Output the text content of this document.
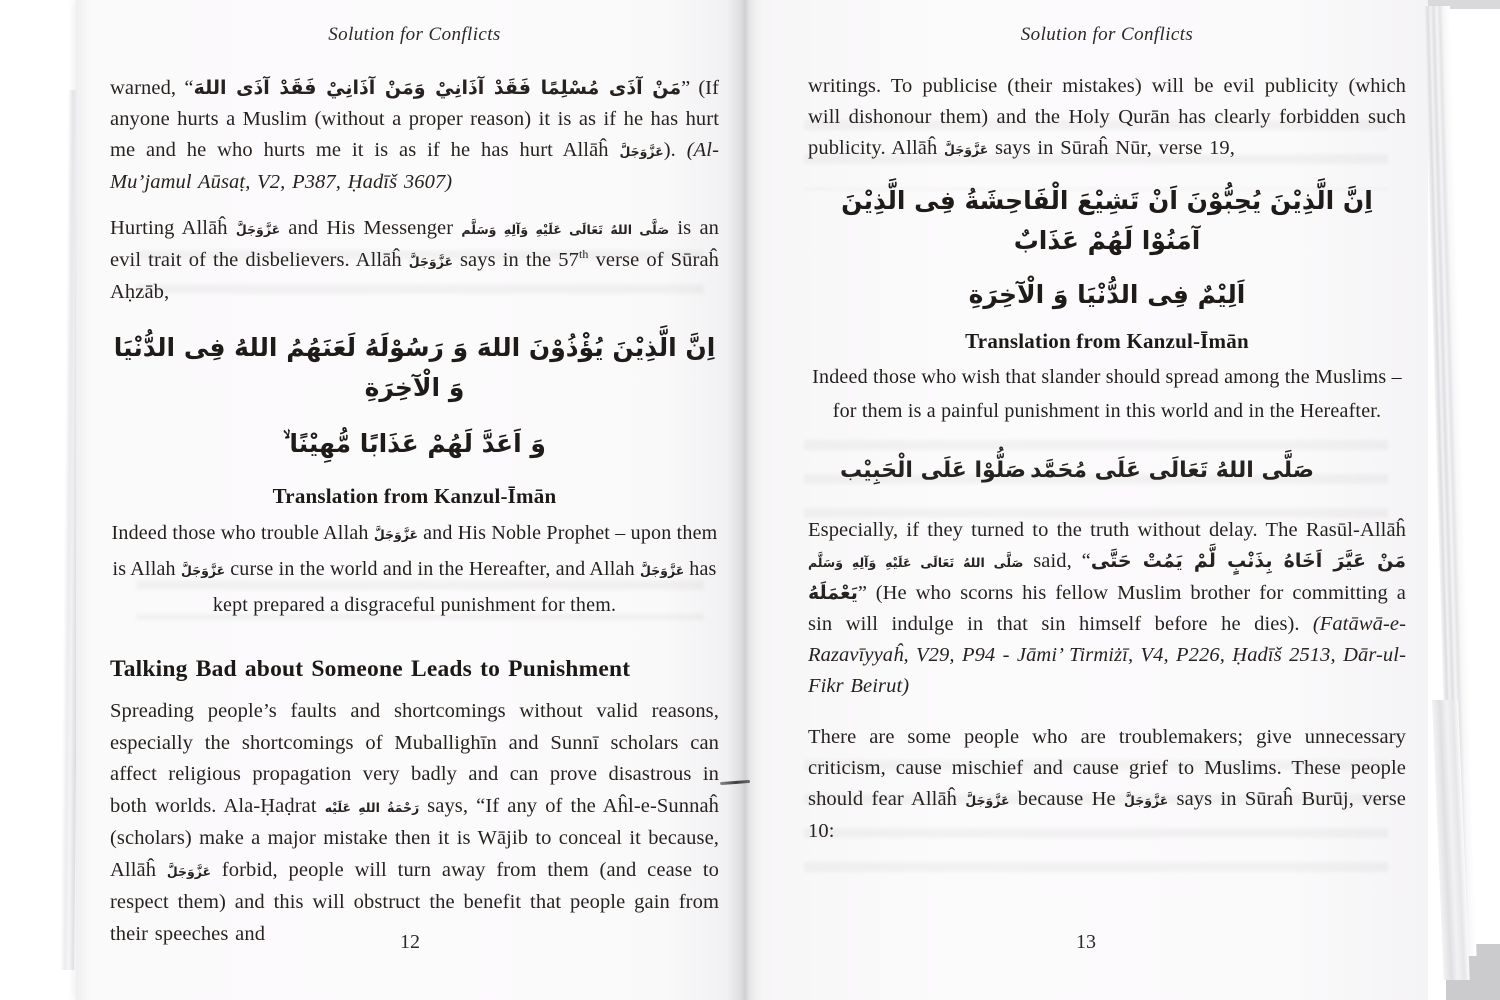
Solution for Conflicts

warned, “مَنْ آذَى مُسْلِمًا فَقَدْ آذَانِيْ وَمَنْ آذَانِيْ فَقَدْ آذَى اللهَ” (If anyone hurts a Muslim (without a proper reason) it is as if he has hurt me and he who hurts me it is as if he has hurt Allāĥ عَزَّوَجَلَّ). (Al-Mu’jamul Aūsaṭ, V2, P387, Ḥadīš 3607)

Hurting Allāĥ عَزَّوَجَلَّ and His Messenger صَلَّى اللهُ تَعَالَى عَلَيْهِ وَآلِهِ وَسَلَّم is an evil trait of the disbelievers. Allāĥ عَزَّوَجَلَّ says in the 57th verse of Sūraĥ Aḥzāb,

اِنَّ الَّذِيْنَ يُؤْذُوْنَ اللهَ وَ رَسُوْلَهُ لَعَنَهُمُ اللهُ فِى الدُّنْيَا وَ الْآخِرَةِ
وَ اَعَدَّ لَهُمْ عَذَابًا مُّهِيْنًا ۙ

Translation from Kanzul-Īmān

Indeed those who trouble Allah عَزَّوَجَلَّ and His Noble Prophet – upon them is Allah عَزَّوَجَلَّ curse in the world and in the Hereafter, and Allah عَزَّوَجَلَّ has kept prepared a disgraceful punishment for them.

Talking Bad about Someone Leads to Punishment

Spreading people’s faults and shortcomings without valid reasons, especially the shortcomings of Muballighīn and Sunnī scholars can affect religious propagation very badly and can prove disastrous in both worlds. Ala-Ḥaḍrat رَحْمَةُ اللهِ عَلَيْه says, “If any of the Aĥl-e-Sunnaĥ (scholars) make a major mistake then it is Wājib to conceal it because, Allāĥ عَزَّوَجَلَّ forbid, people will turn away from them (and cease to respect them) and this will obstruct the benefit that people gain from their speeches and	12
Solution for Conflicts

writings. To publicise (their mistakes) will be evil publicity (which will dishonour them) and the Holy Qurān has clearly forbidden such publicity. Allāĥ عَزَّوَجَلَّ says in Sūraĥ Nūr, verse 19,

اِنَّ الَّذِيْنَ يُحِبُّوْنَ اَنْ تَشِيْعَ الْفَاحِشَةُ فِى الَّذِيْنَ آمَنُوْا لَهُمْ عَذَابٌ
اَلِيْمٌ فِى الدُّنْيَا وَ الْآخِرَةِ

Translation from Kanzul-Īmān

Indeed those who wish that slander should spread among the Muslims – for them is a painful punishment in this world and in the Hereafter.

صَلُّوْا عَلَى الْحَبِيْب صَلَّى اللهُ تَعَالَى عَلَى مُحَمَّد

Especially, if they turned to the truth without delay. The Rasūl-Allāĥ صَلَّى اللهُ تَعَالَى عَلَيْهِ وَآلِهِ وَسَلَّم said, “مَنْ عَيَّرَ اَخَاهُ بِذَنْبٍ لَّمْ يَمُتْ حَتَّى يَعْمَلَهُ” (He who scorns his fellow Muslim brother for committing a sin will indulge in that sin himself before he dies). (Fatāwā-e-Razavīyyaĥ, V29, P94 - Jāmi’ Tirmiżī, V4, P226, Ḥadīš 2513, Dār-ul-Fikr Beirut)

There are some people who are troublemakers; give unnecessary criticism, cause mischief and cause grief to Muslims. These people should fear Allāĥ عَزَّوَجَلَّ because He عَزَّوَجَلَّ says in Sūraĥ Burūj, verse 10:

13
